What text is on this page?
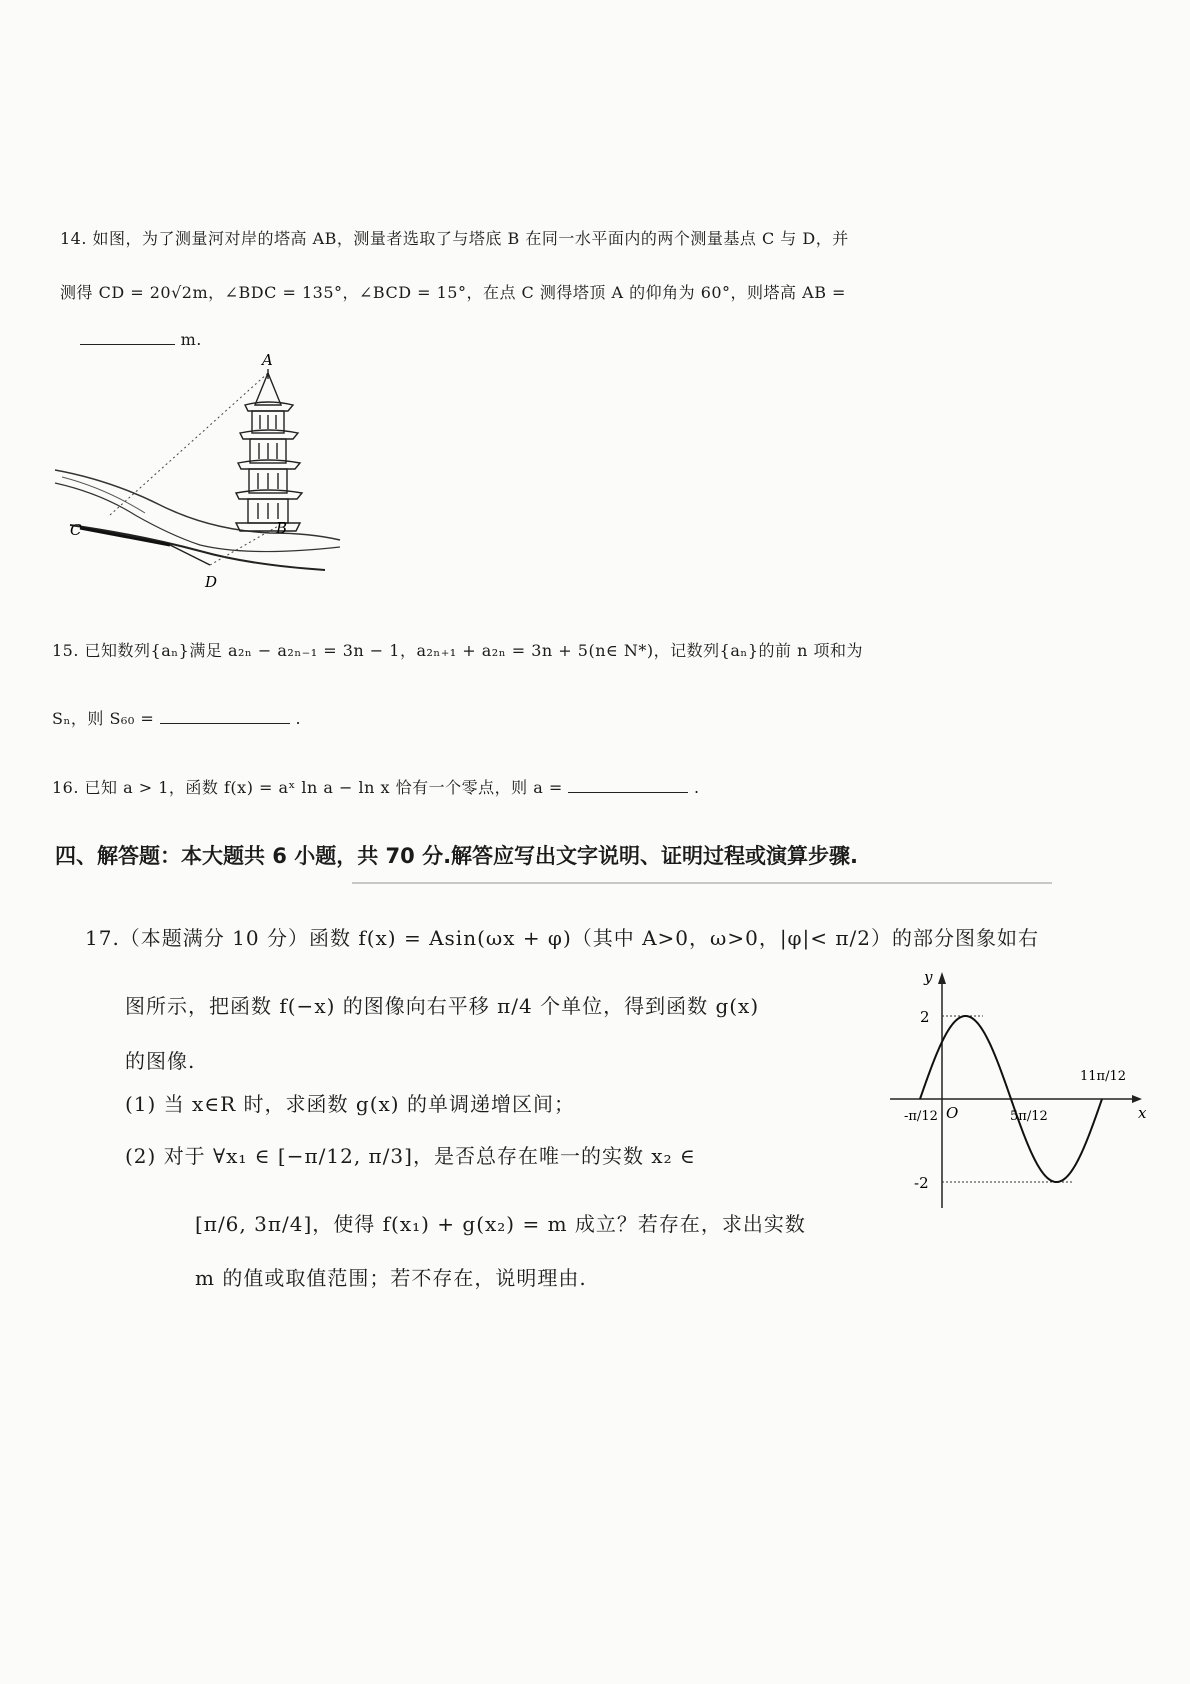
14. 如图，为了测量河对岸的塔高 AB，测量者选取了与塔底 B 在同一水平面内的两个测量基点 C 与 D，并
测得 CD = 20√2m，∠BDC = 135°，∠BCD = 15°，在点 C 测得塔顶 A 的仰角为 60°，则塔高 AB =
m.
A
B
C
D
15. 已知数列{aₙ}满足 a₂ₙ − a₂ₙ₋₁ = 3n − 1，a₂ₙ₊₁ + a₂ₙ = 3n + 5(n∈ N*)，记数列{aₙ}的前 n 项和为
Sₙ，则 S₆₀ =	.
16. 已知 a > 1，函数 f(x) = aˣ ln a − ln x 恰有一个零点，则 a =	.
四、解答题：本大题共 6 小题，共 70 分.解答应写出文字说明、证明过程或演算步骤.
17.（本题满分 10 分）函数 f(x) = Asin(ωx + φ)（其中 A>0，ω>0，|φ|< π/2）的部分图象如右
图所示，把函数 f(−x) 的图像向右平移 π/4 个单位，得到函数 g(x)
的图像.
(1) 当 x∈R 时，求函数 g(x) 的单调递增区间；
(2) 对于 ∀x₁ ∈ [−π/12, π/3]，是否总存在唯一的实数 x₂ ∈
[π/6, 3π/4]，使得 f(x₁) + g(x₂) = m 成立？若存在，求出实数
m 的值或取值范围；若不存在，说明理由.
y
x
O
2
-2
-π/12	5π/12
11π/12
